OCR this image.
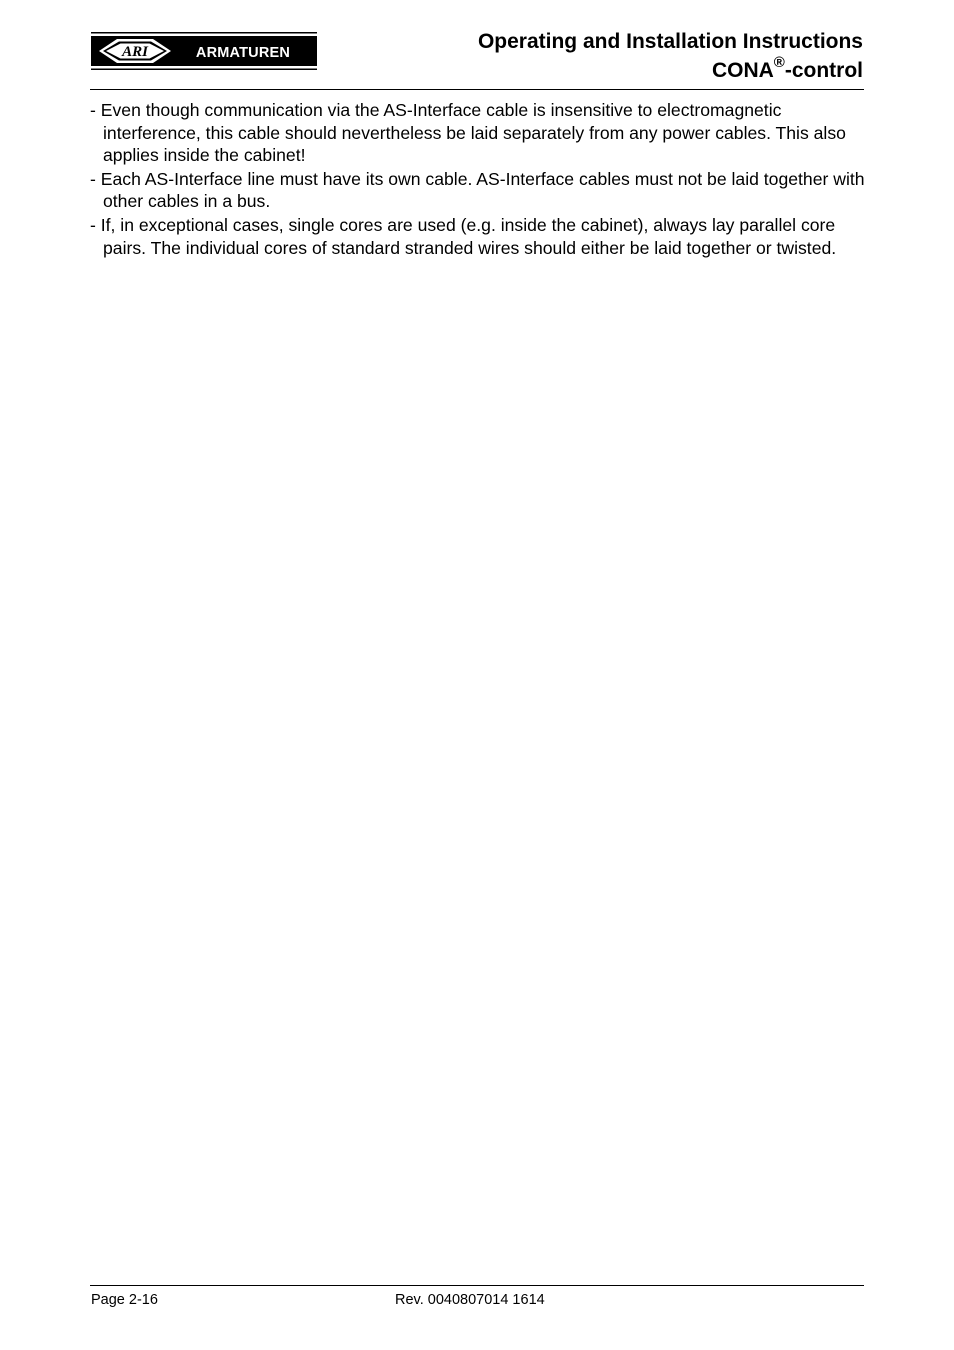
ARI	ARMATUREN	Operating and Installation Instructions
CONA®-control

- Even though communication via the AS-Interface cable is insensitive to electromagnetic interference, this cable should nevertheless be laid separately from any power cables. This also applies inside the cabinet!

- Each AS-Interface line must have its own cable. AS-Interface cables must not be laid together with other cables in a bus.

- If, in exceptional cases, single cores are used (e.g. inside the cabinet), always lay parallel core pairs. The individual cores of standard stranded wires should either be laid together or twisted.

Page 2-16	Rev. 0040807014 1614
